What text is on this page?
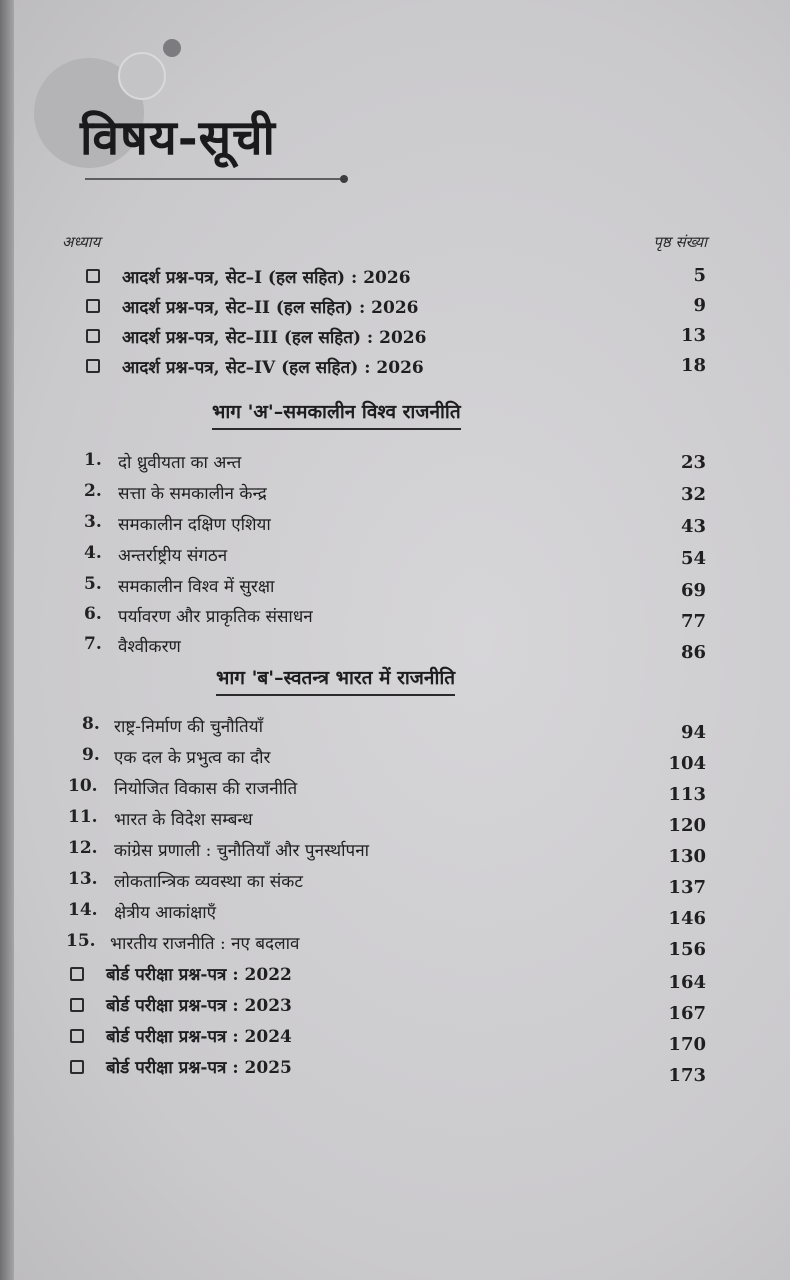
विषय-सूची
अध्याय	पृष्ठ संख्या
आदर्श प्रश्न-पत्र, सेट–I (हल सहित) : 2026	5
आदर्श प्रश्न-पत्र, सेट–II (हल सहित) : 2026	9
आदर्श प्रश्न-पत्र, सेट–III (हल सहित) : 2026	13
आदर्श प्रश्न-पत्र, सेट–IV (हल सहित) : 2026	18
भाग 'अ'–समकालीन विश्व राजनीति
1. दो ध्रुवीयता का अन्त	23
2. सत्ता के समकालीन केन्द्र	32
3. समकालीन दक्षिण एशिया	43
4. अन्तर्राष्ट्रीय संगठन	54
5. समकालीन विश्व में सुरक्षा	69
6. पर्यावरण और प्राकृतिक संसाधन	77
7. वैश्वीकरण	86
भाग 'ब'–स्वतन्त्र भारत में राजनीति
8. राष्ट्र-निर्माण की चुनौतियाँ	94
9. एक दल के प्रभुत्व का दौर	104
10. नियोजित विकास की राजनीति	113
11. भारत के विदेश सम्बन्ध	120
12. कांग्रेस प्रणाली : चुनौतियाँ और पुनर्स्थापना	130
13. लोकतान्त्रिक व्यवस्था का संकट	137
14. क्षेत्रीय आकांक्षाएँ	146
15. भारतीय राजनीति : नए बदलाव	156
बोर्ड परीक्षा प्रश्न-पत्र : 2022	164
बोर्ड परीक्षा प्रश्न-पत्र : 2023	167
बोर्ड परीक्षा प्रश्न-पत्र : 2024	170
बोर्ड परीक्षा प्रश्न-पत्र : 2025	173
